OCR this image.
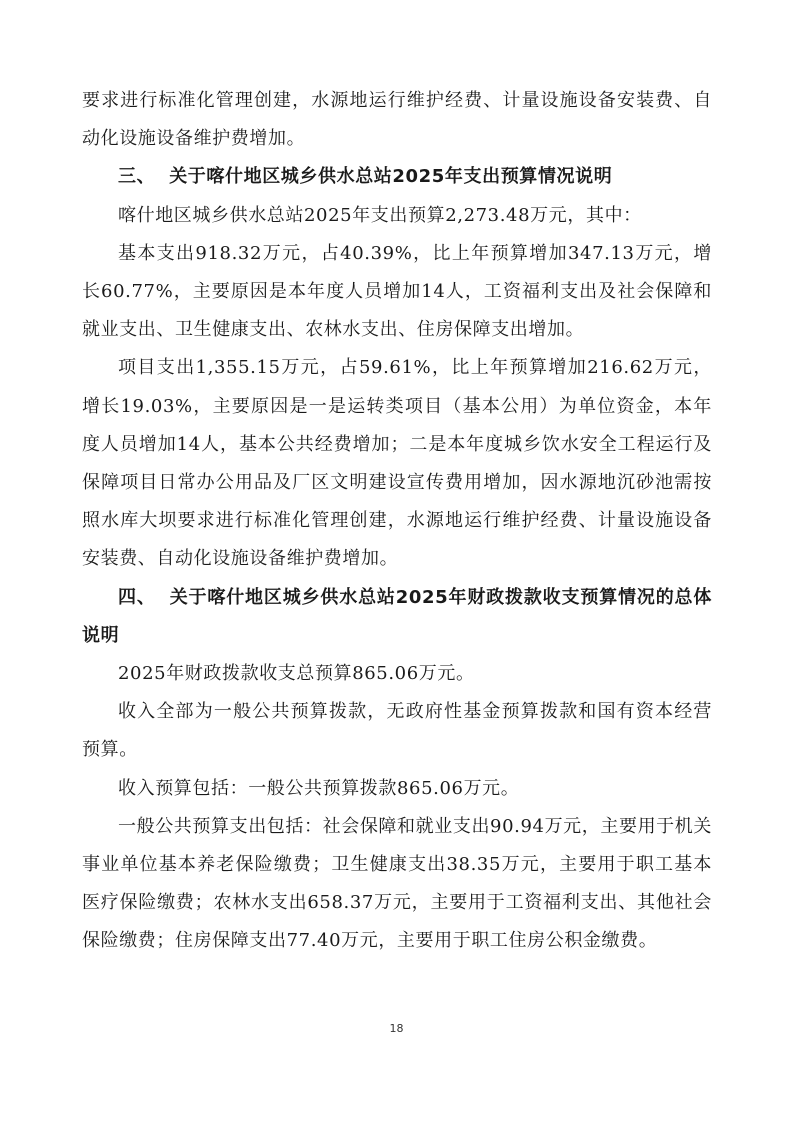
要求进行标准化管理创建，水源地运行维护经费、计量设施设备安装费、自动化设施设备维护费增加。

三、 关于喀什地区城乡供水总站2025年支出预算情况说明

喀什地区城乡供水总站2025年支出预算2,273.48万元，其中：

基本支出918.32万元，占40.39%，比上年预算增加347.13万元，增长60.77%，主要原因是本年度人员增加14人，工资福利支出及社会保障和就业支出、卫生健康支出、农林水支出、住房保障支出增加。

项目支出1,355.15万元，占59.61%，比上年预算增加216.62万元，增长19.03%，主要原因是一是运转类项目（基本公用）为单位资金，本年度人员增加14人，基本公共经费增加；二是本年度城乡饮水安全工程运行及保障项目日常办公用品及厂区文明建设宣传费用增加，因水源地沉砂池需按照水库大坝要求进行标准化管理创建，水源地运行维护经费、计量设施设备安装费、自动化设施设备维护费增加。

四、 关于喀什地区城乡供水总站2025年财政拨款收支预算情况的总体说明

2025年财政拨款收支总预算865.06万元。

收入全部为一般公共预算拨款，无政府性基金预算拨款和国有资本经营预算。

收入预算包括：一般公共预算拨款865.06万元。

一般公共预算支出包括：社会保障和就业支出90.94万元，主要用于机关事业单位基本养老保险缴费；卫生健康支出38.35万元，主要用于职工基本医疗保险缴费；农林水支出658.37万元，主要用于工资福利支出、其他社会保险缴费；住房保障支出77.40万元，主要用于职工住房公积金缴费。

18
